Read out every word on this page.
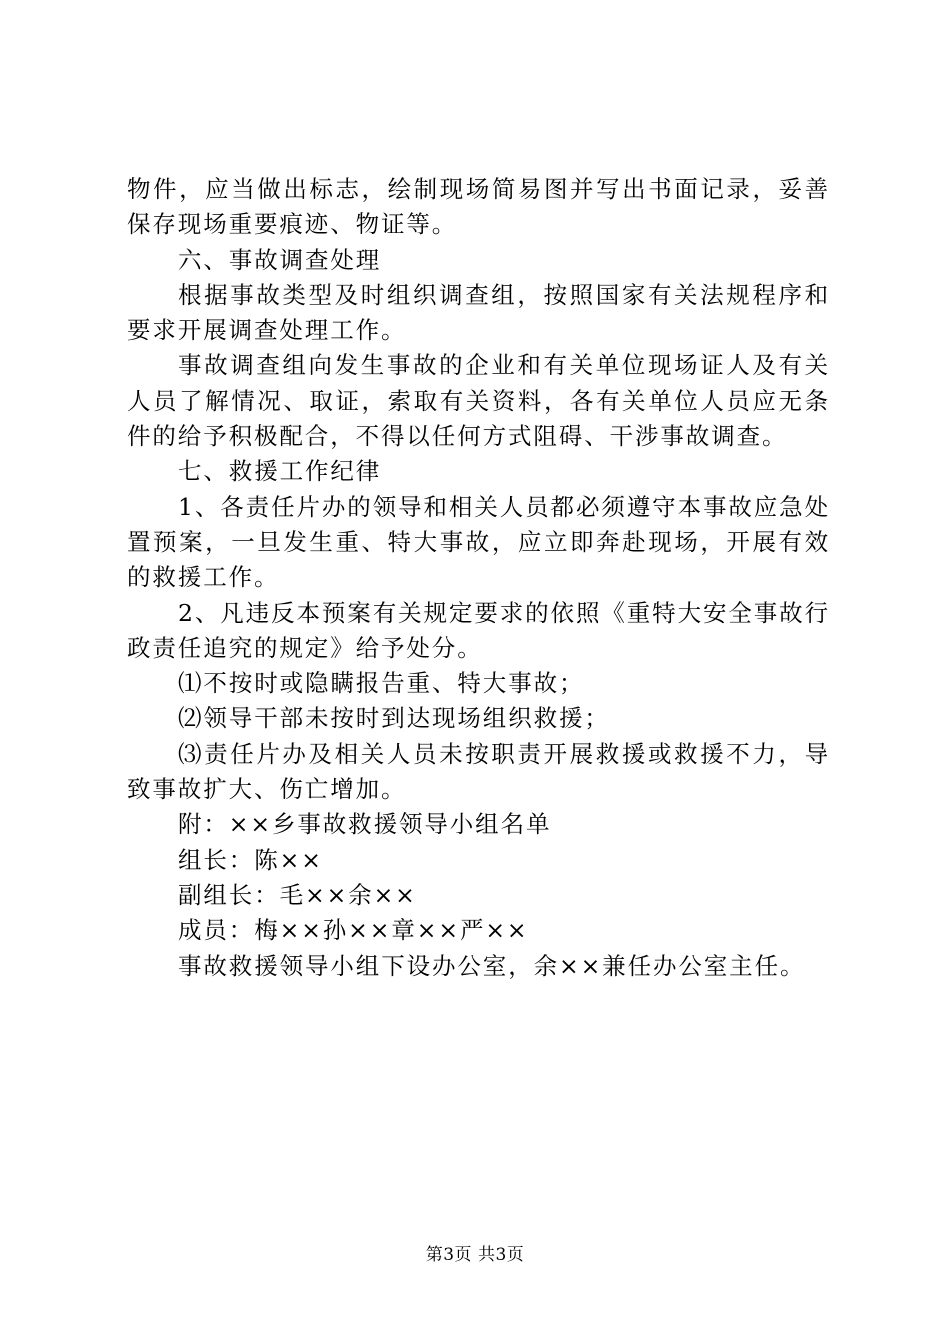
物件，应当做出标志，绘制现场简易图并写出书面记录，妥善保存现场重要痕迹、物证等。

六、事故调查处理

根据事故类型及时组织调查组，按照国家有关法规程序和要求开展调查处理工作。

事故调查组向发生事故的企业和有关单位现场证人及有关人员了解情况、取证，索取有关资料，各有关单位人员应无条件的给予积极配合，不得以任何方式阻碍、干涉事故调查。

七、救援工作纪律

1、各责任片办的领导和相关人员都必须遵守本事故应急处置预案，一旦发生重、特大事故，应立即奔赴现场，开展有效的救援工作。

2、凡违反本预案有关规定要求的依照《重特大安全事故行政责任追究的规定》给予处分。

⑴不按时或隐瞒报告重、特大事故；

⑵领导干部未按时到达现场组织救援；

⑶责任片办及相关人员未按职责开展救援或救援不力，导致事故扩大、伤亡增加。

附：××乡事故救援领导小组名单

组长：陈××

副组长：毛××余××

成员：梅××孙××章××严××

事故救援领导小组下设办公室，余××兼任办公室主任。

第3页 共3页
